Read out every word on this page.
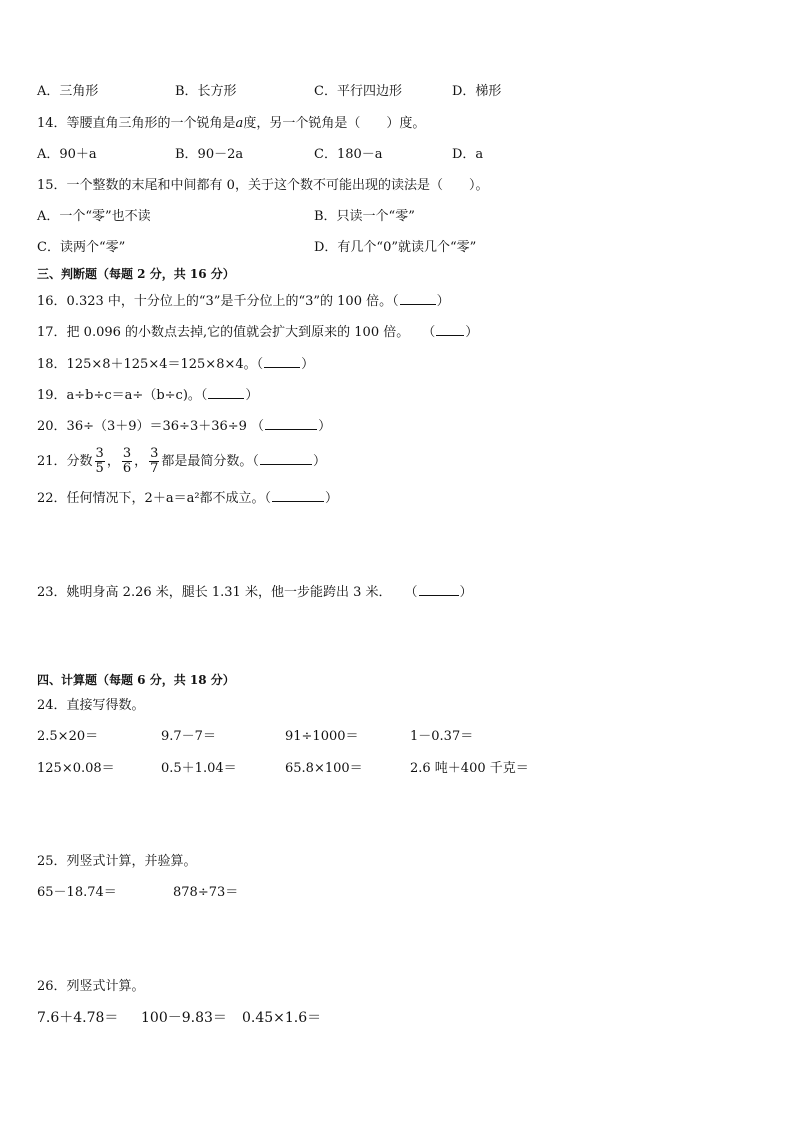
A．三角形	B．长方形	C．平行四边形	D．梯形
14．等腰直角三角形的一个锐角是a度，另一个锐角是（　　）度。
A．90＋a	B．90－2a	C．180－a	D．a
15．一个整数的末尾和中间都有 0，关于这个数不可能出现的读法是（　　）。
A．一个“零”也不读	B．只读一个“零”
C．读两个“零”	D．有几个“0”就读几个“零”
三、判断题（每题 2 分，共 16 分）
16．0.323 中，十分位上的“3”是千分位上的“3”的 100 倍。（	）
17．把 0.096 的小数点去掉,它的值就会扩大到原来的 100 倍。　　（ ）
18．125×8＋125×4＝125×8×4。（	）
19．a÷b÷c＝a÷（b÷c)。（	）
20．36÷（3＋9）＝36÷3＋36÷9 （	）
21．分数 $\frac{3}{5}$ ， $\frac{3}{6}$ ， $\frac{3}{7}$ 都是最简分数。（	）
22．任何情况下，2＋a＝a²都不成立。（	）
23．姚明身高 2.26 米，腿长 1.31 米，他一步能跨出 3 米．　　（	）
四、计算题（每题 6 分，共 18 分）
24．直接写得数。
2.5×20＝	9.7－7＝	91÷1000＝	1－0.37＝
125×0.08＝	0.5＋1.04＝	65.8×100＝	2.6 吨＋400 千克＝
25．列竖式计算，并验算。
65－18.74＝	878÷73＝
26．列竖式计算。
7.6＋4.78＝ 100－9.83＝ 0.45×1.6＝
